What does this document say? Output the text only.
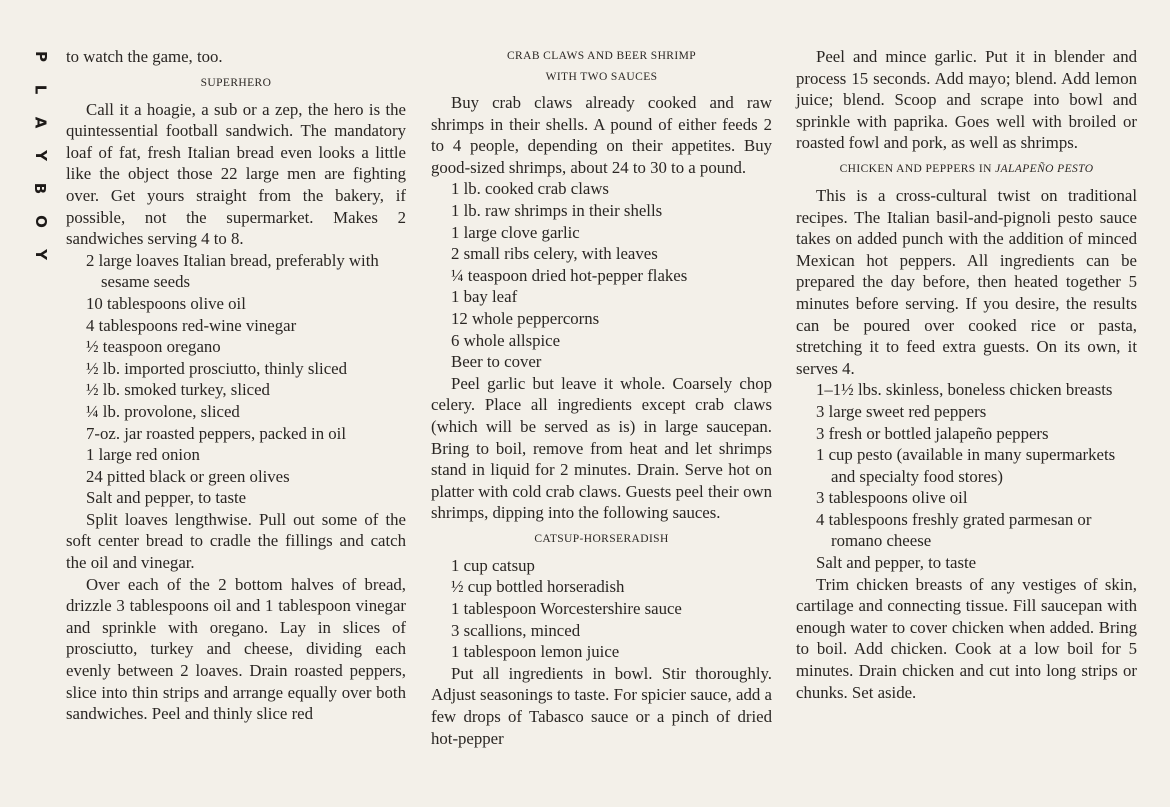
P
L
A
Y
B
O
Y

to watch the game, too.

SUPERHERO

Call it a hoagie, a sub or a zep, the hero is the quintessential football sandwich. The mandatory loaf of fat, fresh Italian bread even looks a little like the object those 22 large men are fighting over. Get yours straight from the bakery, if possible, not the supermarket. Makes 2 sandwiches serving 4 to 8.

2 large loaves Italian bread, preferably with sesame seeds

10 tablespoons olive oil

4 tablespoons red-wine vinegar

½ teaspoon oregano

½ lb. imported prosciutto, thinly sliced

½ lb. smoked turkey, sliced

¼ lb. provolone, sliced

7-oz. jar roasted peppers, packed in oil

1 large red onion

24 pitted black or green olives

Salt and pepper, to taste

Split loaves lengthwise. Pull out some of the soft center bread to cradle the fillings and catch the oil and vinegar.

Over each of the 2 bottom halves of bread, drizzle 3 tablespoons oil and 1 tablespoon vinegar and sprinkle with oregano. Lay in slices of prosciutto, turkey and cheese, dividing each evenly between 2 loaves. Drain roasted peppers, slice into thin strips and arrange equally over both sandwiches. Peel and thinly slice red

CRAB CLAWS AND BEER SHRIMP

WITH TWO SAUCES

Buy crab claws already cooked and raw shrimps in their shells. A pound of either feeds 2 to 4 people, depending on their appetites. Buy good-sized shrimps, about 24 to 30 to a pound.

1 lb. cooked crab claws

1 lb. raw shrimps in their shells

1 large clove garlic

2 small ribs celery, with leaves

¼ teaspoon dried hot-pepper flakes

1 bay leaf

12 whole peppercorns

6 whole allspice

Beer to cover

Peel garlic but leave it whole. Coarsely chop celery. Place all ingredients except crab claws (which will be served as is) in large saucepan. Bring to boil, remove from heat and let shrimps stand in liquid for 2 minutes. Drain. Serve hot on platter with cold crab claws. Guests peel their own shrimps, dipping into the following sauces.

CATSUP-HORSERADISH

1 cup catsup

½ cup bottled horseradish

1 tablespoon Worcestershire sauce

3 scallions, minced

1 tablespoon lemon juice

Put all ingredients in bowl. Stir thoroughly. Adjust seasonings to taste. For spicier sauce, add a few drops of Tabasco sauce or a pinch of dried hot-pepper

Peel and mince garlic. Put it in blender and process 15 seconds. Add mayo; blend. Add lemon juice; blend. Scoop and scrape into bowl and sprinkle with paprika. Goes well with broiled or roasted fowl and pork, as well as shrimps.

CHICKEN AND PEPPERS IN JALAPEÑO PESTO

This is a cross-cultural twist on traditional recipes. The Italian basil-and-pignoli pesto sauce takes on added punch with the addition of minced Mexican hot peppers. All ingredients can be prepared the day before, then heated together 5 minutes before serving. If you desire, the results can be poured over cooked rice or pasta, stretching it to feed extra guests. On its own, it serves 4.

1–1½ lbs. skinless, boneless chicken breasts

3 large sweet red peppers

3 fresh or bottled jalapeño peppers

1 cup pesto (available in many supermarkets and specialty food stores)

3 tablespoons olive oil

4 tablespoons freshly grated parmesan or romano cheese

Salt and pepper, to taste

Trim chicken breasts of any vestiges of skin, cartilage and connecting tissue. Fill saucepan with enough water to cover chicken when added. Bring to boil. Add chicken. Cook at a low boil for 5 minutes. Drain chicken and cut into long strips or chunks. Set aside.
